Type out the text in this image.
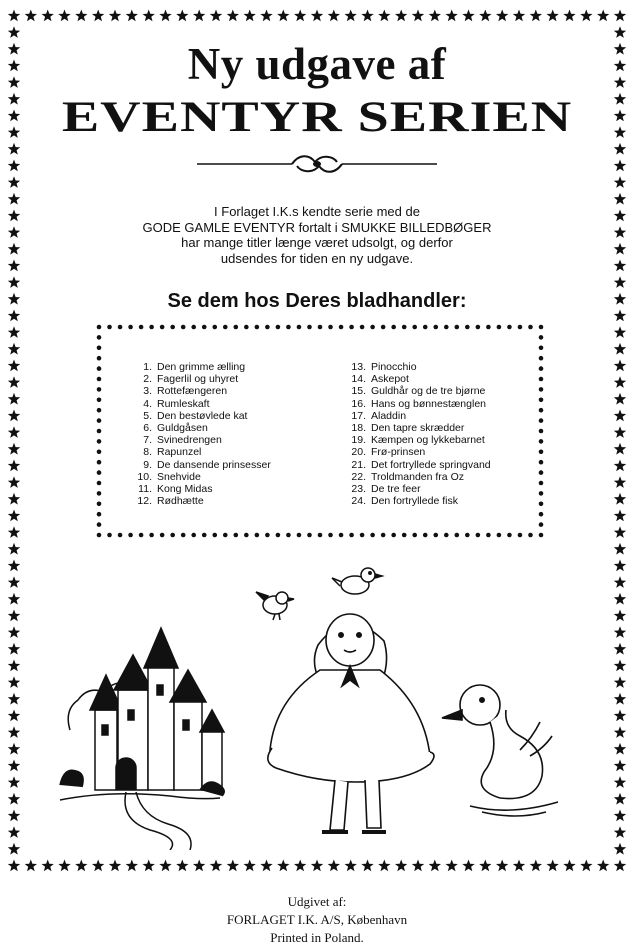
Ny udgave af
EVENTYR SERIEN
I Forlaget I.K.s kendte serie med de
GODE GAMLE EVENTYR fortalt i SMUKKE BILLEDBØGER
har mange titler længe været udsolgt, og derfor
udsendes for tiden en ny udgave.
Se dem hos Deres bladhandler:
1. Den grimme ælling
2. Fagerlil og uhyret
3. Rottefængeren
4. Rumleskaft
5. Den bestøvlede kat
6. Guldgåsen
7. Svinedrengen
8. Rapunzel
9. De dansende prinsesser
10. Snehvide
11. Kong Midas
12. Rødhætte
13. Pinocchio
14. Askepot
15. Guldhår og de tre bjørne
16. Hans og bønnestænglen
17. Aladdin
18. Den tapre skrædder
19. Kæmpen og lykkebarnet
20. Frø-prinsen
21. Det fortryllede springvand
22. Troldmanden fra Oz
23. De tre feer
24. Den fortryllede fisk
Udgivet af:
FORLAGET I.K. A/S, København
Printed in Poland.
